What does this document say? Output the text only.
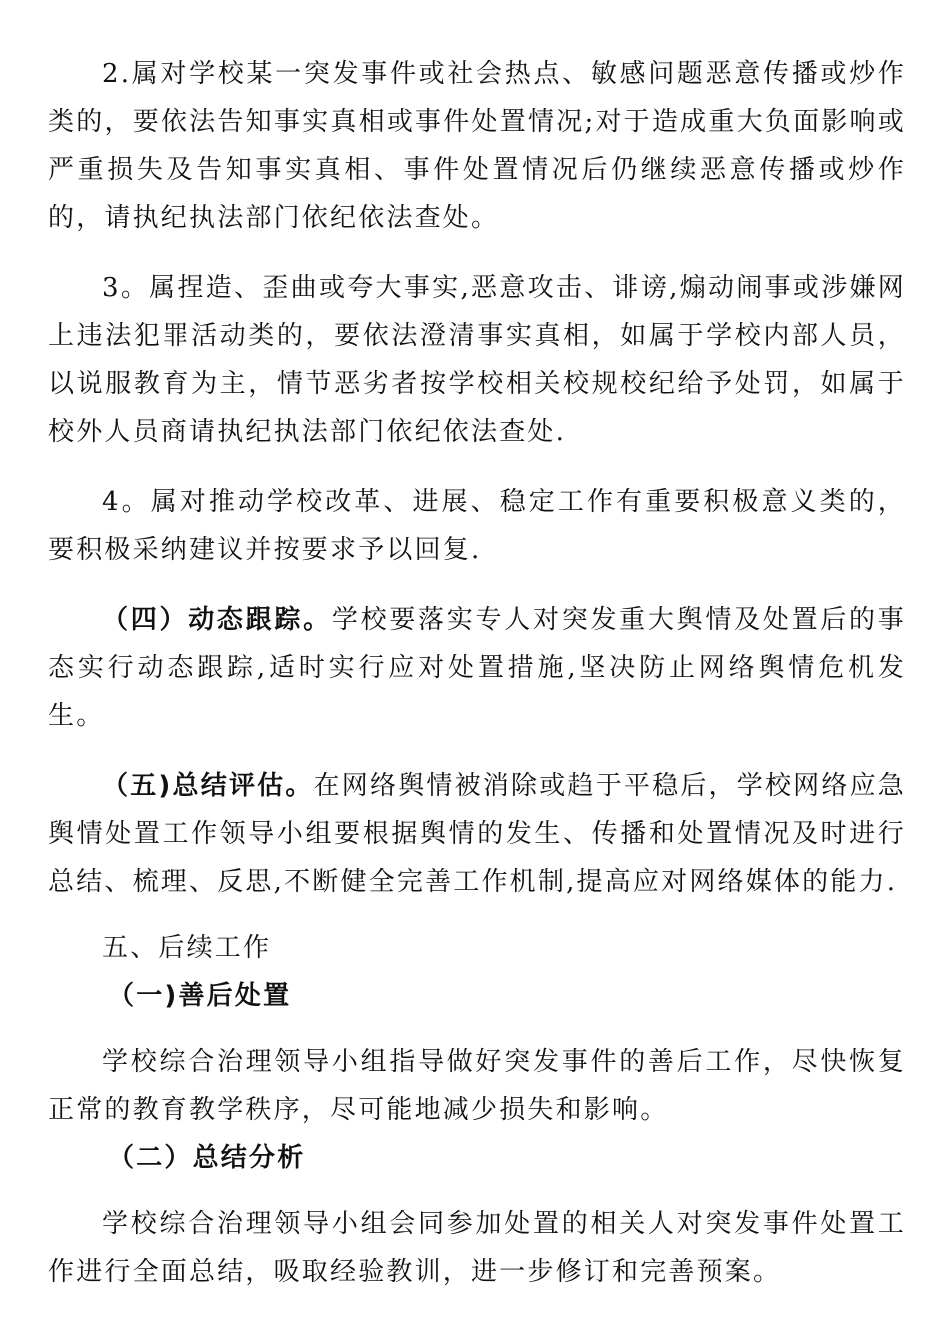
2.属对学校某一突发事件或社会热点、敏感问题恶意传播或炒作类的，要依法告知事实真相或事件处置情况;对于造成重大负面影响或严重损失及告知事实真相、事件处置情况后仍继续恶意传播或炒作的，请执纪执法部门依纪依法查处。

3。属捏造、歪曲或夸大事实,恶意攻击、诽谤,煽动闹事或涉嫌网上违法犯罪活动类的，要依法澄清事实真相，如属于学校内部人员，以说服教育为主，情节恶劣者按学校相关校规校纪给予处罚，如属于校外人员商请执纪执法部门依纪依法查处.

4。属对推动学校改革、进展、稳定工作有重要积极意义类的，要积极采纳建议并按要求予以回复.

（四）动态跟踪。学校要落实专人对突发重大舆情及处置后的事态实行动态跟踪,适时实行应对处置措施,坚决防止网络舆情危机发生。

（五)总结评估。在网络舆情被消除或趋于平稳后，学校网络应急舆情处置工作领导小组要根据舆情的发生、传播和处置情况及时进行总结、梳理、反思,不断健全完善工作机制,提高应对网络媒体的能力.

五、后续工作

（一)善后处置

学校综合治理领导小组指导做好突发事件的善后工作，尽快恢复正常的教育教学秩序，尽可能地减少损失和影响。

（二）总结分析

学校综合治理领导小组会同参加处置的相关人对突发事件处置工作进行全面总结，吸取经验教训，进一步修订和完善预案。
